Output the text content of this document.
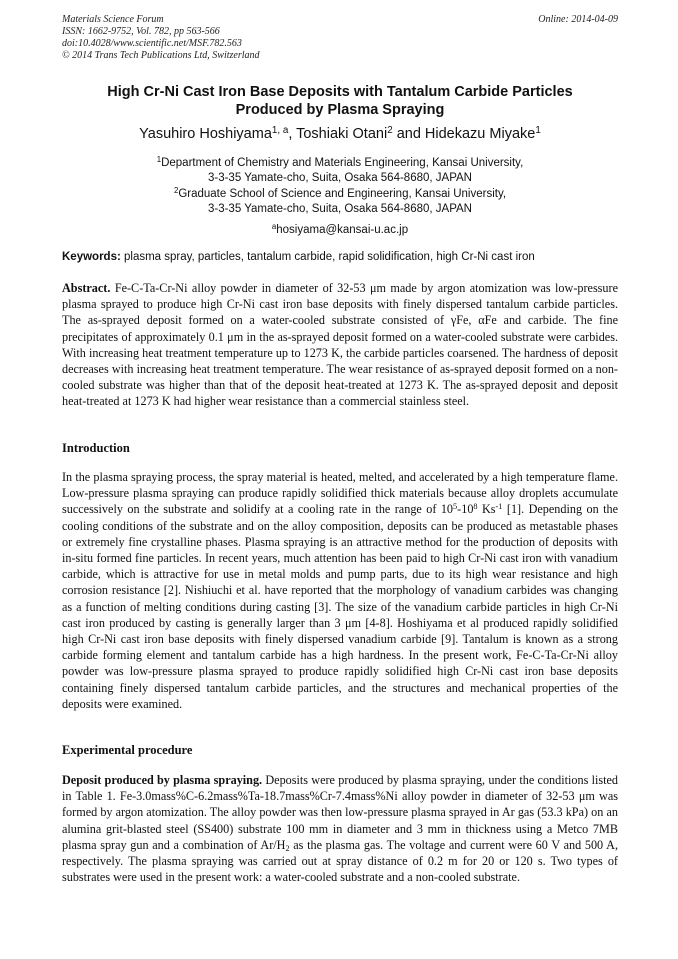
Materials Science Forum
ISSN: 1662-9752, Vol. 782, pp 563-566
doi:10.4028/www.scientific.net/MSF.782.563
© 2014 Trans Tech Publications Ltd, Switzerland
Online: 2014-04-09
High Cr-Ni Cast Iron Base Deposits with Tantalum Carbide Particles
Produced by Plasma Spraying
Yasuhiro Hoshiyama$^{1, a}$, Toshiaki Otani$^2$ and Hidekazu Miyake$^1$
$^1$Department of Chemistry and Materials Engineering, Kansai University,
3-3-35 Yamate-cho, Suita, Osaka 564-8680, JAPAN
$^2$Graduate School of Science and Engineering, Kansai University,
3-3-35 Yamate-cho, Suita, Osaka 564-8680, JAPAN
$^a$hosiyama@kansai-u.ac.jp
Keywords: plasma spray, particles, tantalum carbide, rapid solidification, high Cr-Ni cast iron
Abstract. Fe-C-Ta-Cr-Ni alloy powder in diameter of 32-53 μm made by argon atomization was low-pressure plasma sprayed to produce high Cr-Ni cast iron base deposits with finely dispersed tantalum carbide particles. The as-sprayed deposit formed on a water-cooled substrate consisted of γFe, αFe and carbide. The fine precipitates of approximately 0.1 μm in the as-sprayed deposit formed on a water-cooled substrate were carbides. With increasing heat treatment temperature up to 1273 K, the carbide particles coarsened. The hardness of deposit decreases with increasing heat treatment temperature. The wear resistance of as-sprayed deposit formed on a non-cooled substrate was higher than that of the deposit heat-treated at 1273 K. The as-sprayed deposit and deposit heat-treated at 1273 K had higher wear resistance than a commercial stainless steel.
Introduction
In the plasma spraying process, the spray material is heated, melted, and accelerated by a high temperature flame. Low-pressure plasma spraying can produce rapidly solidified thick materials because alloy droplets accumulate successively on the substrate and solidify at a cooling rate in the range of $10^5-10^8$ $Ks^{-1}$ [1]. Depending on the cooling conditions of the substrate and on the alloy composition, deposits can be produced as metastable phases or extremely fine crystalline phases. Plasma spraying is an attractive method for the production of deposits with in-situ formed fine particles. In recent years, much attention has been paid to high Cr-Ni cast iron with vanadium carbide, which is attractive for use in metal molds and pump parts, due to its high wear resistance and high corrosion resistance [2]. Nishiuchi et al. have reported that the morphology of vanadium carbides was changing as a function of melting conditions during casting [3]. The size of the vanadium carbide particles in high Cr-Ni cast iron produced by casting is generally larger than 3 μm [4-8]. Hoshiyama et al produced rapidly solidified high Cr-Ni cast iron base deposits with finely dispersed vanadium carbide [9]. Tantalum is known as a strong carbide forming element and tantalum carbide has a high hardness. In the present work, Fe-C-Ta-Cr-Ni alloy powder was low-pressure plasma sprayed to produce rapidly solidified high Cr-Ni cast iron base deposits containing finely dispersed tantalum carbide particles, and the structures and mechanical properties of the deposits were examined.
Experimental procedure
Deposit produced by plasma spraying. Deposits were produced by plasma spraying, under the conditions listed in Table 1. Fe-3.0mass%C-6.2mass%Ta-18.7mass%Cr-7.4mass%Ni alloy powder in diameter of 32-53 μm was formed by argon atomization. The alloy powder was then low-pressure plasma sprayed in Ar gas (53.3 kPa) on an alumina grit-blasted steel (SS400) substrate 100 mm in diameter and 3 mm in thickness using a Metco 7MB plasma spray gun and a combination of $Ar/H_2$ as the plasma gas. The voltage and current were 60 V and 500 A, respectively. The plasma spraying was carried out at spray distance of 0.2 m for 20 or 120 s. Two types of substrates were used in the present work: a water-cooled substrate and a non-cooled substrate.
